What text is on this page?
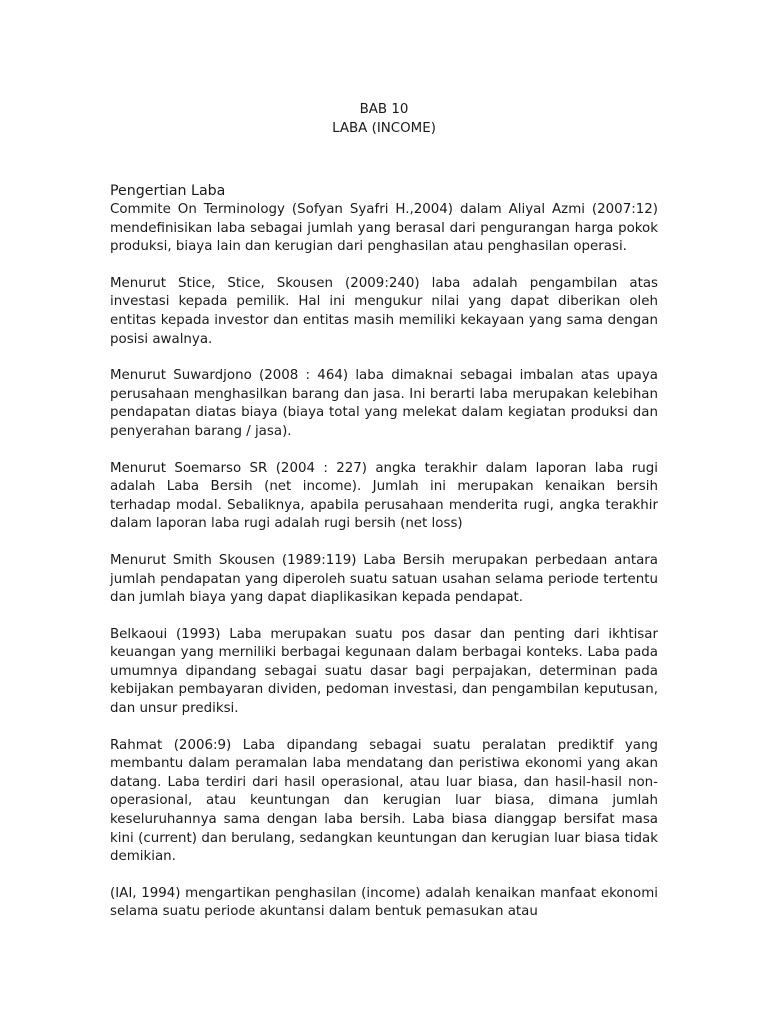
BAB 10

LABA (INCOME)

Pengertian Laba

Commite On Terminology (Sofyan Syafri H.,2004) dalam Aliyal Azmi (2007:12) mendefinisikan laba sebagai jumlah yang berasal dari pengurangan harga pokok produksi, biaya lain dan kerugian dari penghasilan atau penghasilan operasi.

Menurut Stice, Stice, Skousen (2009:240) laba adalah pengambilan atas investasi kepada pemilik. Hal ini mengukur nilai yang dapat diberikan oleh entitas kepada investor dan entitas masih memiliki kekayaan yang sama dengan posisi awalnya.

Menurut Suwardjono (2008 : 464) laba dimaknai sebagai imbalan atas upaya perusahaan menghasilkan barang dan jasa. Ini berarti laba merupakan kelebihan pendapatan diatas biaya (biaya total yang melekat dalam kegiatan produksi dan penyerahan barang / jasa).

Menurut Soemarso SR (2004 : 227) angka terakhir dalam laporan laba rugi adalah Laba Bersih (net income). Jumlah ini merupakan kenaikan bersih terhadap modal. Sebaliknya, apabila perusahaan menderita rugi, angka terakhir dalam laporan laba rugi adalah rugi bersih (net loss)

Menurut Smith Skousen (1989:119) Laba Bersih merupakan perbedaan antara jumlah pendapatan yang diperoleh suatu satuan usahan selama periode tertentu dan jumlah biaya yang dapat diaplikasikan kepada pendapat.

Belkaoui (1993) Laba merupakan suatu pos dasar dan penting dari ikhtisar keuangan yang merniliki berbagai kegunaan dalam berbagai konteks. Laba pada umumnya dipandang sebagai suatu dasar bagi perpajakan, determinan pada kebijakan pembayaran dividen, pedoman investasi, dan pengambilan keputusan, dan unsur prediksi.

Rahmat (2006:9) Laba dipandang sebagai suatu peralatan prediktif yang membantu dalam peramalan laba mendatang dan peristiwa ekonomi yang akan datang. Laba terdiri dari hasil operasional, atau luar biasa, dan hasil-hasil non-operasional, atau keuntungan dan kerugian luar biasa, dimana jumlah keseluruhannya sama dengan laba bersih. Laba biasa dianggap bersifat masa kini (current) dan berulang, sedangkan keuntungan dan kerugian luar biasa tidak demikian.

(IAI, 1994) mengartikan penghasilan (income) adalah kenaikan manfaat ekonomi selama suatu periode akuntansi dalam bentuk pemasukan atau
